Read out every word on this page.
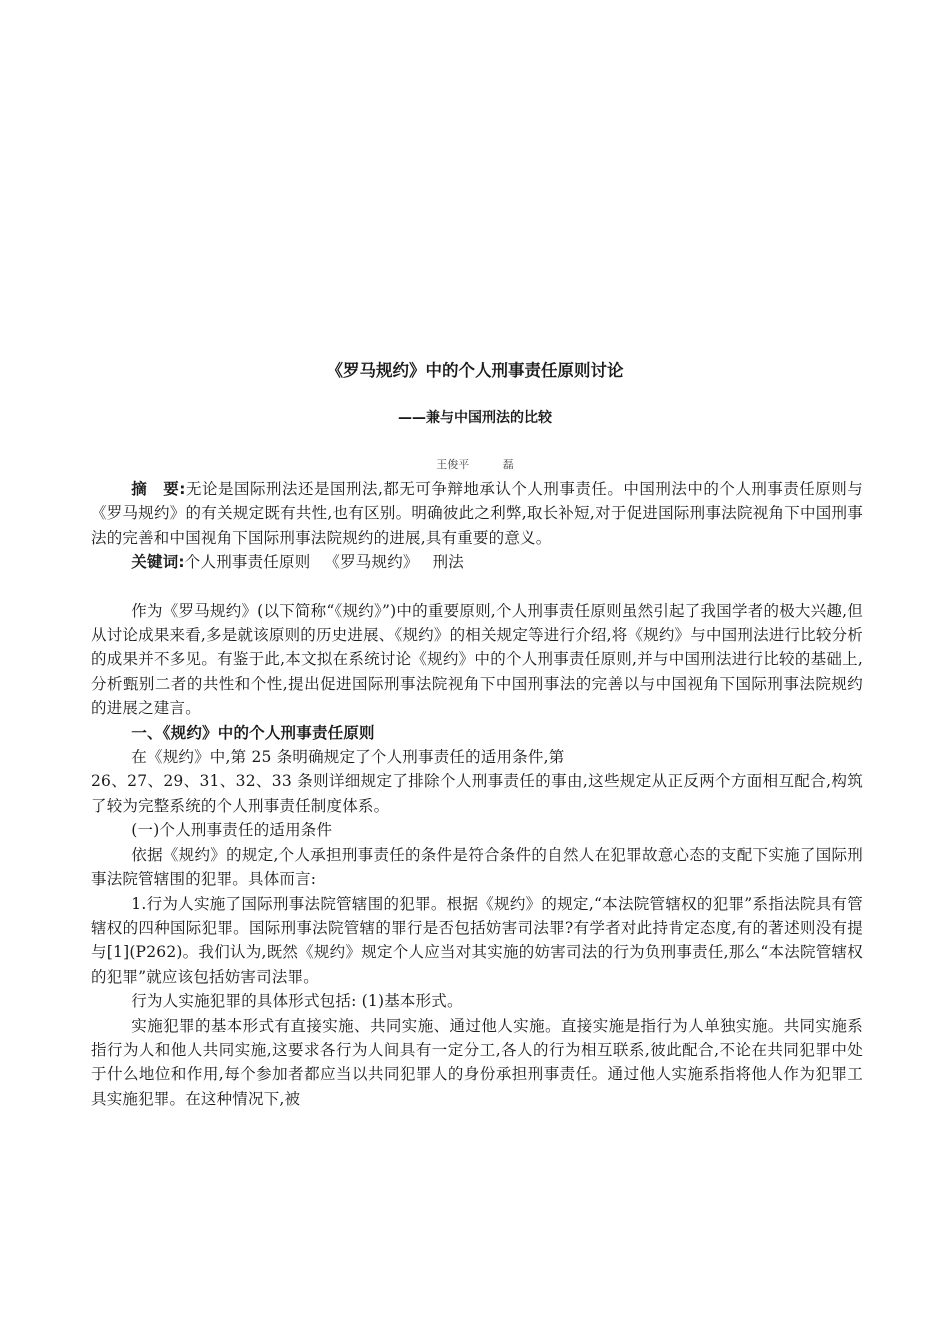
《罗马规约》中的个人刑事责任原则讨论
——兼与中国刑法的比较
王俊平	磊

摘　要:无论是国际刑法还是国刑法,都无可争辩地承认个人刑事责任。中国刑法中的个人刑事责任原则与《罗马规约》的有关规定既有共性,也有区别。明确彼此之利弊,取长补短,对于促进国际刑事法院视角下中国刑事法的完善和中国视角下国际刑事法院规约的进展,具有重要的意义。

关键词:个人刑事责任原则 《罗马规约》 刑法

作为《罗马规约》(以下简称“《规约》”)中的重要原则,个人刑事责任原则虽然引起了我国学者的极大兴趣,但从讨论成果来看,多是就该原则的历史进展、《规约》的相关规定等进行介绍,将《规约》与中国刑法进行比较分析的成果并不多见。有鉴于此,本文拟在系统讨论《规约》中的个人刑事责任原则,并与中国刑法进行比较的基础上,分析甄别二者的共性和个性,提出促进国际刑事法院视角下中国刑事法的完善以与中国视角下国际刑事法院规约的进展之建言。

一、《规约》中的个人刑事责任原则

在《规约》中,第 25 条明确规定了个人刑事责任的适用条件,第

26、27、29、31、32、33 条则详细规定了排除个人刑事责任的事由,这些规定从正反两个方面相互配合,构筑了较为完整系统的个人刑事责任制度体系。

(一)个人刑事责任的适用条件

依据《规约》的规定,个人承担刑事责任的条件是符合条件的自然人在犯罪故意心态的支配下实施了国际刑事法院管辖围的犯罪。具体而言:

1.行为人实施了国际刑事法院管辖围的犯罪。根据《规约》的规定,“本法院管辖权的犯罪”系指法院具有管辖权的四种国际犯罪。国际刑事法院管辖的罪行是否包括妨害司法罪?有学者对此持肯定态度,有的著述则没有提与[1](P262)。我们认为,既然《规约》规定个人应当对其实施的妨害司法的行为负刑事责任,那么“本法院管辖权的犯罪”就应该包括妨害司法罪。

行为人实施犯罪的具体形式包括: (1)基本形式。

实施犯罪的基本形式有直接实施、共同实施、通过他人实施。直接实施是指行为人单独实施。共同实施系指行为人和他人共同实施,这要求各行为人间具有一定分工,各人的行为相互联系,彼此配合,不论在共同犯罪中处于什么地位和作用,每个参加者都应当以共同犯罪人的身份承担刑事责任。通过他人实施系指将他人作为犯罪工具实施犯罪。在这种情况下,被
